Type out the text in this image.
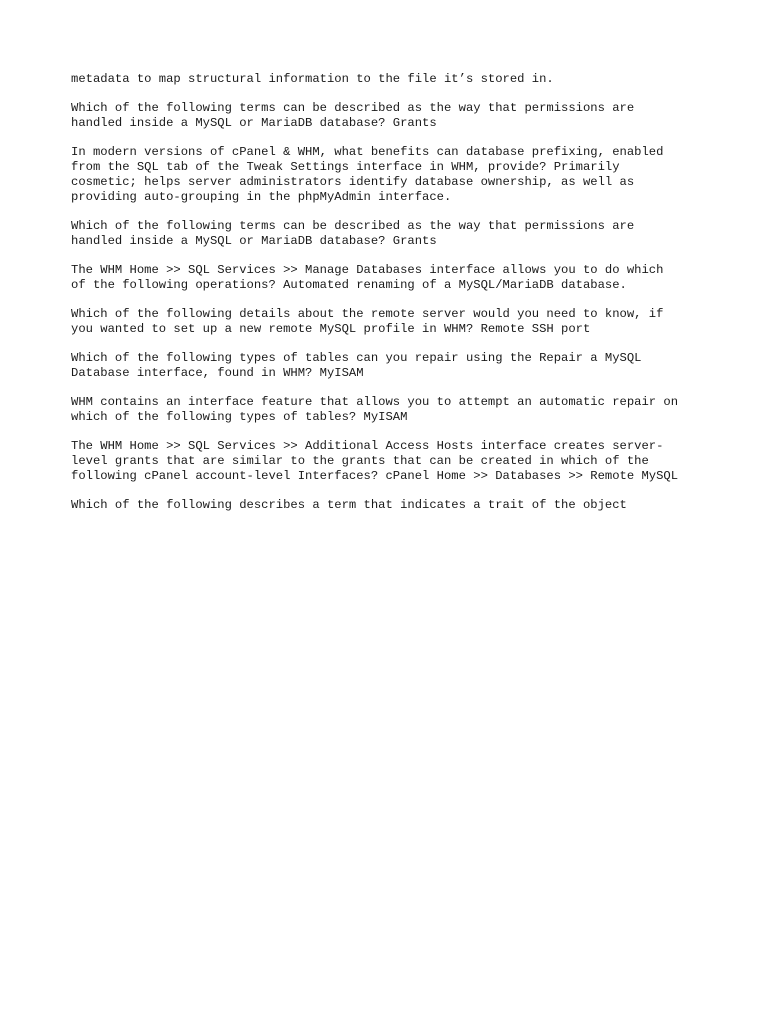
metadata to map structural information to the file it’s stored in.

Which of the following terms can be described as the way that permissions are
handled inside a MySQL or MariaDB database? Grants

In modern versions of cPanel & WHM, what benefits can database prefixing, enabled
from the SQL tab of the Tweak Settings interface in WHM, provide? Primarily
cosmetic; helps server administrators identify database ownership, as well as
providing auto-grouping in the phpMyAdmin interface.

Which of the following terms can be described as the way that permissions are
handled inside a MySQL or MariaDB database? Grants

The WHM Home >> SQL Services >> Manage Databases interface allows you to do which
of the following operations? Automated renaming of a MySQL/MariaDB database.

Which of the following details about the remote server would you need to know, if
you wanted to set up a new remote MySQL profile in WHM? Remote SSH port

Which of the following types of tables can you repair using the Repair a MySQL
Database interface, found in WHM? MyISAM

WHM contains an interface feature that allows you to attempt an automatic repair on
which of the following types of tables? MyISAM

The WHM Home >> SQL Services >> Additional Access Hosts interface creates server-
level grants that are similar to the grants that can be created in which of the
following cPanel account-level Interfaces? cPanel Home >> Databases >> Remote MySQL

Which of the following describes a term that indicates a trait of the object
